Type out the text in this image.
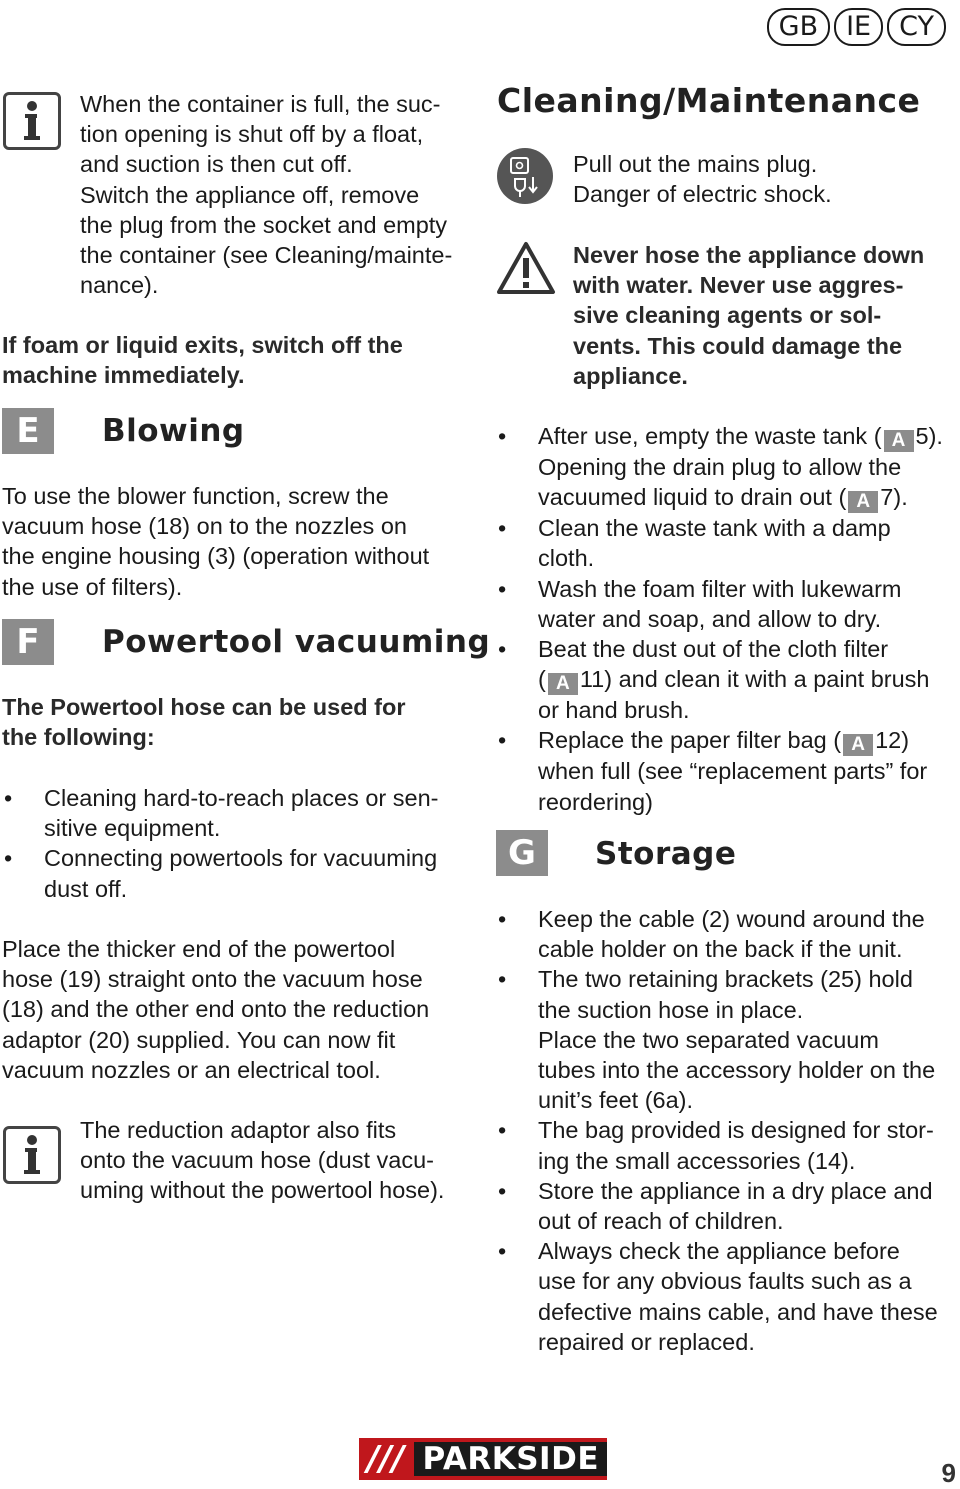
GB	IE	CY
When the container is full, the suc-
tion opening is shut off by a float,
and suction is then cut off.
Switch the appliance off, remove
the plug from the socket and empty
the container (see Cleaning/mainte-
nance).
If foam or liquid exits, switch off the
machine immediately.
E	Blowing
To use the blower function, screw the
vacuum hose (18) on to the nozzles on
the engine housing (3) (operation without
the use of filters).
F	Powertool vacuuming
The Powertool hose can be used for
the following:
• Cleaning hard-to-reach places or sen-
sitive equipment.
• Connecting powertools for vacuuming
dust off.
Place the thicker end of the powertool
hose (19) straight onto the vacuum hose
(18) and the other end onto the reduction
adaptor (20) supplied. You can now fit
vacuum nozzles or an electrical tool.
The reduction adaptor also fits
onto the vacuum hose (dust vacu-
uming without the powertool hose).
Cleaning/Maintenance
Pull out the mains plug.
Danger of electric shock.
Never hose the appliance down
with water. Never use aggres-
sive cleaning agents or sol-
vents. This could damage the
appliance.
• After use, empty the waste tank ( A 5).
Opening the drain plug to allow the
vacuumed liquid to drain out ( A 7).
• Clean the waste tank with a damp
cloth.
• Wash the foam filter with lukewarm
water and soap, and allow to dry.
• Beat the dust out of the cloth filter
( A 11) and clean it with a paint brush
or hand brush.
• Replace the paper filter bag ( A 12)
when full (see “replacement parts” for
reordering)
G	Storage
• Keep the cable (2) wound around the
cable holder on the back if the unit.
• The two retaining brackets (25) hold
the suction hose in place.
Place the two separated vacuum
tubes into the accessory holder on the
unit’s feet (6a).
• The bag provided is designed for stor-
ing the small accessories (14).
• Store the appliance in a dry place and
out of reach of children.
• Always check the appliance before
use for any obvious faults such as a
defective mains cable, and have these
repaired or replaced.
/// PARKSIDE	9
